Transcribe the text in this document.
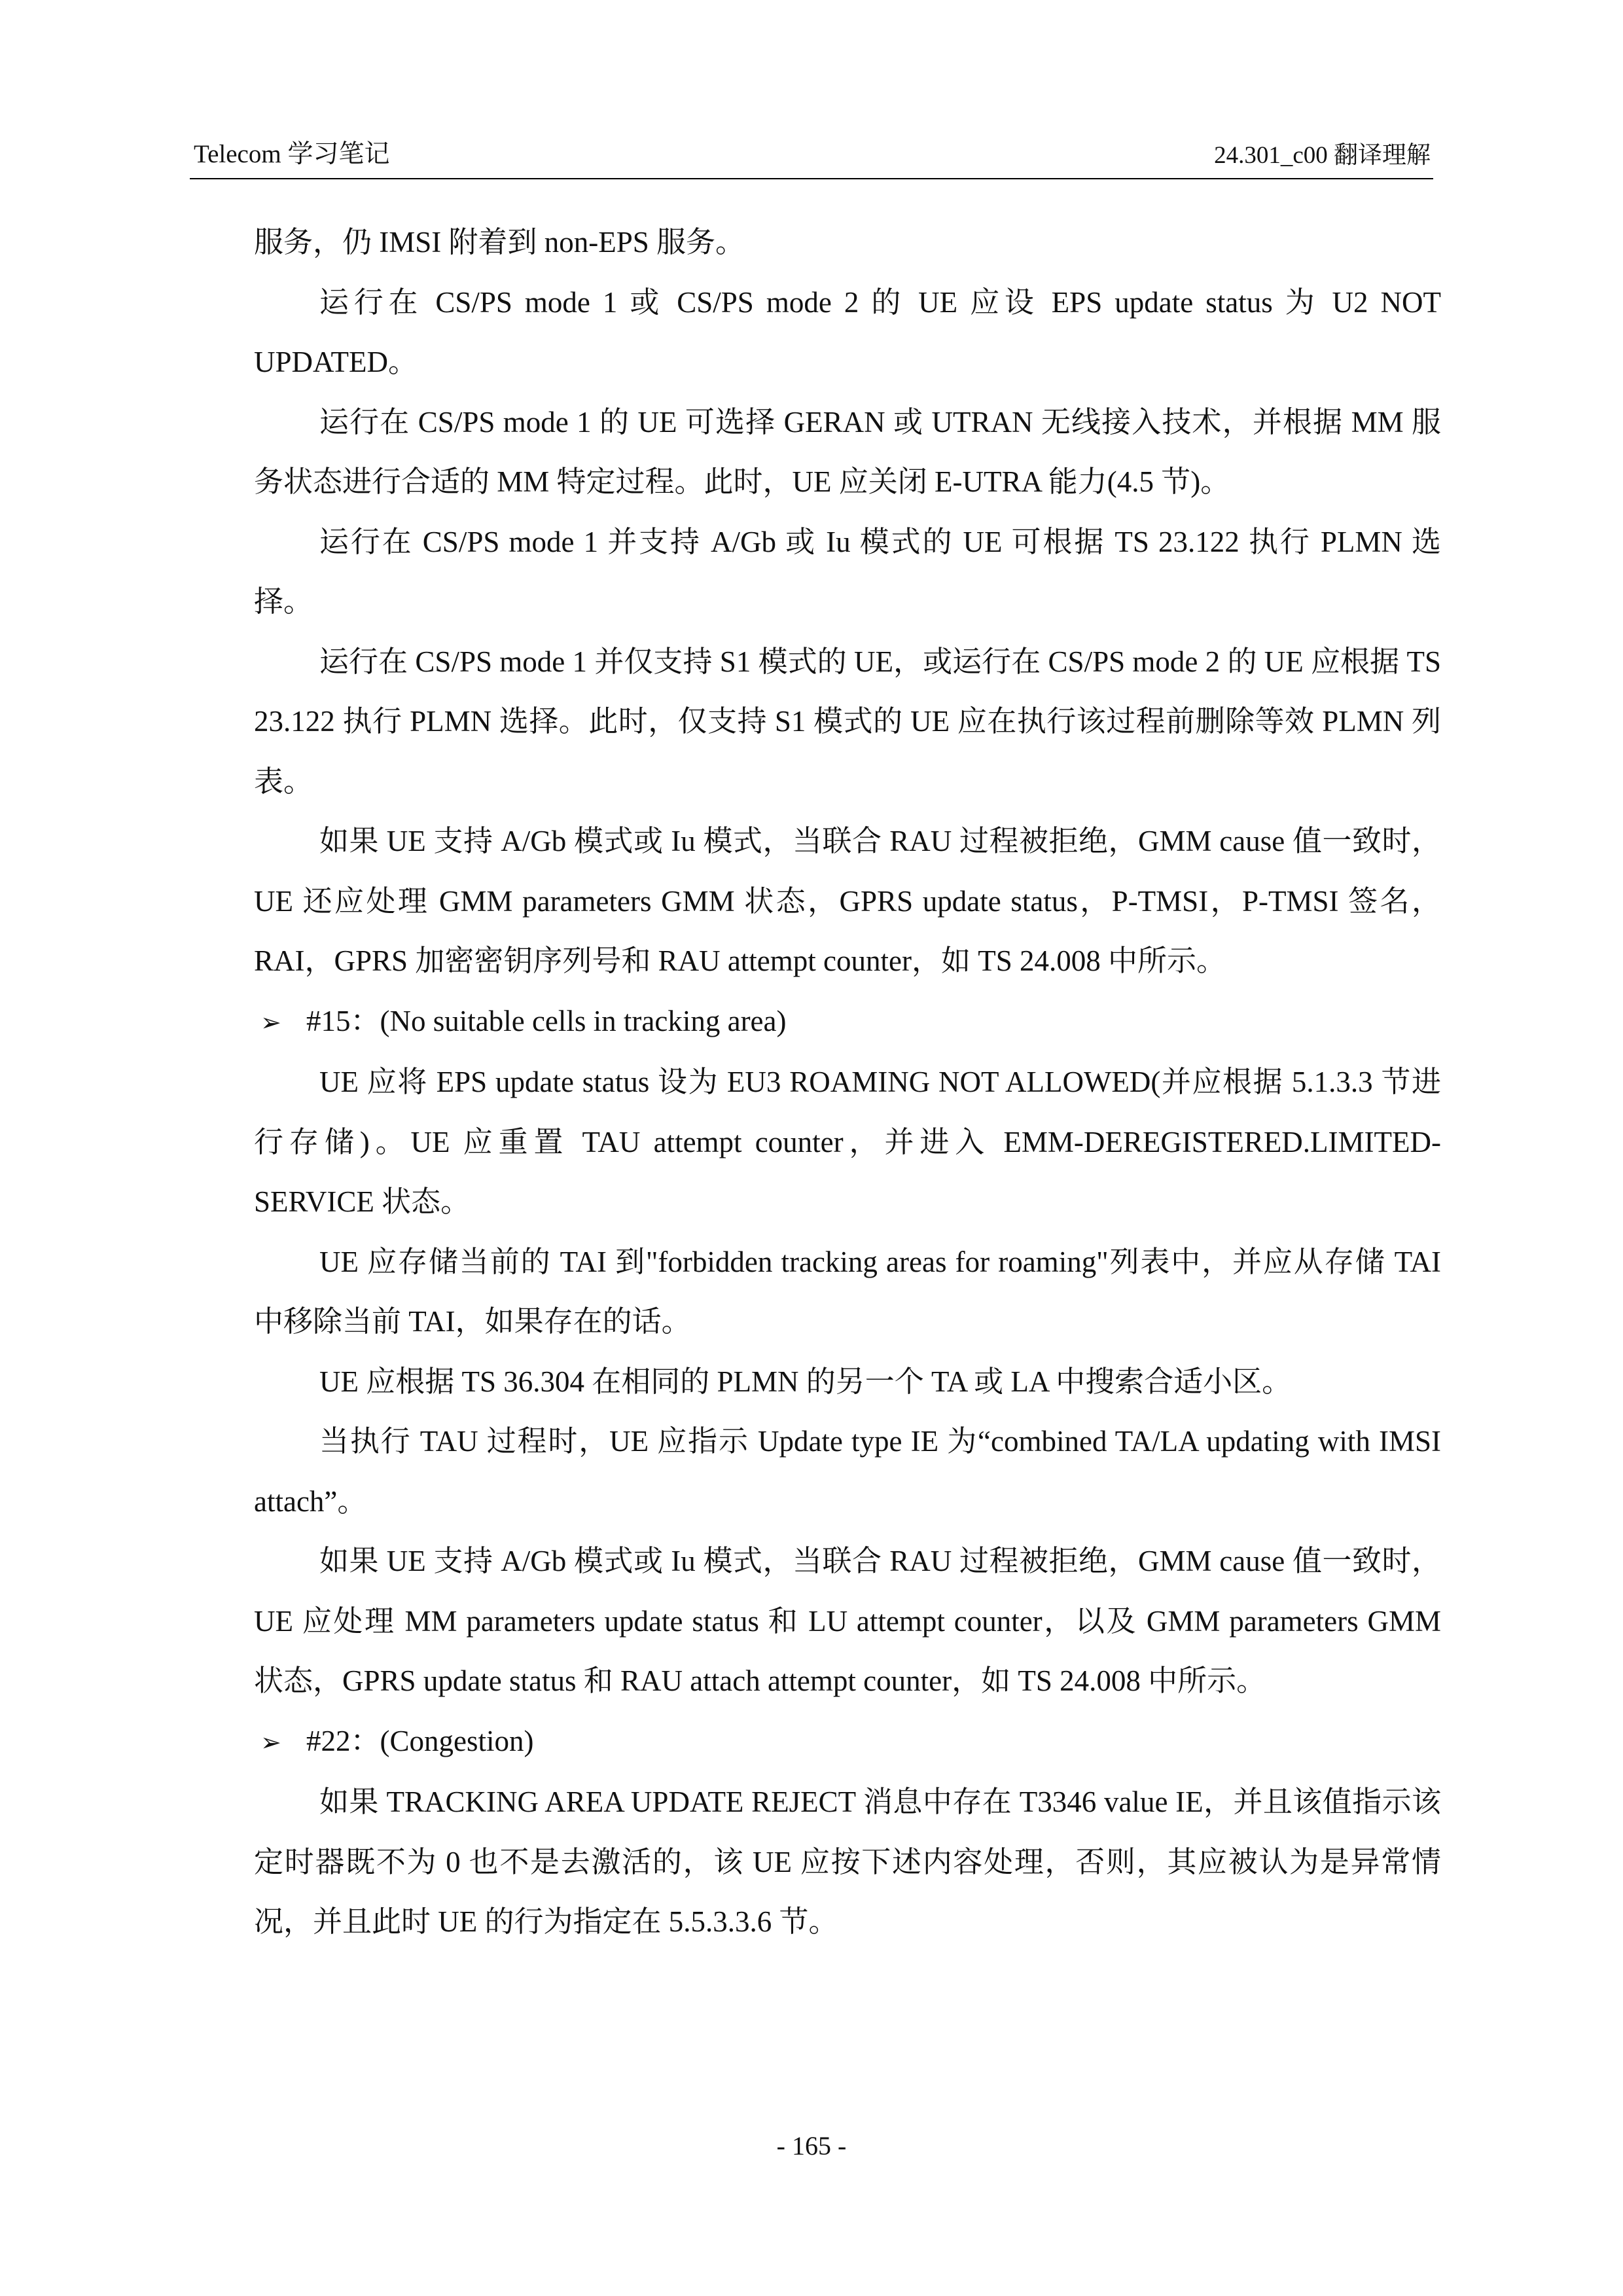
Telecom 学习笔记	24.301_c00 翻译理解

服务，仍 IMSI 附着到 non-EPS 服务。

运行在 CS/PS mode 1 或 CS/PS mode 2 的 UE 应设 EPS update status 为 U2 NOT UPDATED。

运行在 CS/PS mode 1 的 UE 可选择 GERAN 或 UTRAN 无线接入技术，并根据 MM 服务状态进行合适的 MM 特定过程。此时，UE 应关闭 E-UTRA 能力(4.5 节)。

运行在 CS/PS mode 1 并支持 A/Gb 或 Iu 模式的 UE 可根据 TS 23.122 执行 PLMN 选择。

运行在 CS/PS mode 1 并仅支持 S1 模式的 UE，或运行在 CS/PS mode 2 的 UE 应根据 TS 23.122 执行 PLMN 选择。此时，仅支持 S1 模式的 UE 应在执行该过程前删除等效 PLMN 列表。

如果 UE 支持 A/Gb 模式或 Iu 模式，当联合 RAU 过程被拒绝，GMM cause 值一致时，UE 还应处理 GMM parameters GMM 状态，GPRS update status，P-TMSI，P-TMSI 签名，RAI，GPRS 加密密钥序列号和 RAU attempt counter，如 TS 24.008 中所示。

➢ #15：(No suitable cells in tracking area)

UE 应将 EPS update status 设为 EU3 ROAMING NOT ALLOWED(并应根据 5.1.3.3 节进行存储)。UE 应重置 TAU attempt counter，并进入 EMM-DEREGISTERED.LIMITED-SERVICE 状态。

UE 应存储当前的 TAI 到"forbidden tracking areas for roaming"列表中，并应从存储 TAI 中移除当前 TAI，如果存在的话。

UE 应根据 TS 36.304 在相同的 PLMN 的另一个 TA 或 LA 中搜索合适小区。

当执行 TAU 过程时，UE 应指示 Update type IE 为“combined TA/LA updating with IMSI attach”。

如果 UE 支持 A/Gb 模式或 Iu 模式，当联合 RAU 过程被拒绝，GMM cause 值一致时，UE 应处理 MM parameters update status 和 LU attempt counter，以及 GMM parameters GMM 状态，GPRS update status 和 RAU attach attempt counter，如 TS 24.008 中所示。

➢ #22：(Congestion)

如果 TRACKING AREA UPDATE REJECT 消息中存在 T3346 value IE，并且该值指示该定时器既不为 0 也不是去激活的，该 UE 应按下述内容处理，否则，其应被认为是异常情况，并且此时 UE 的行为指定在 5.5.3.3.6 节。

- 165 -
